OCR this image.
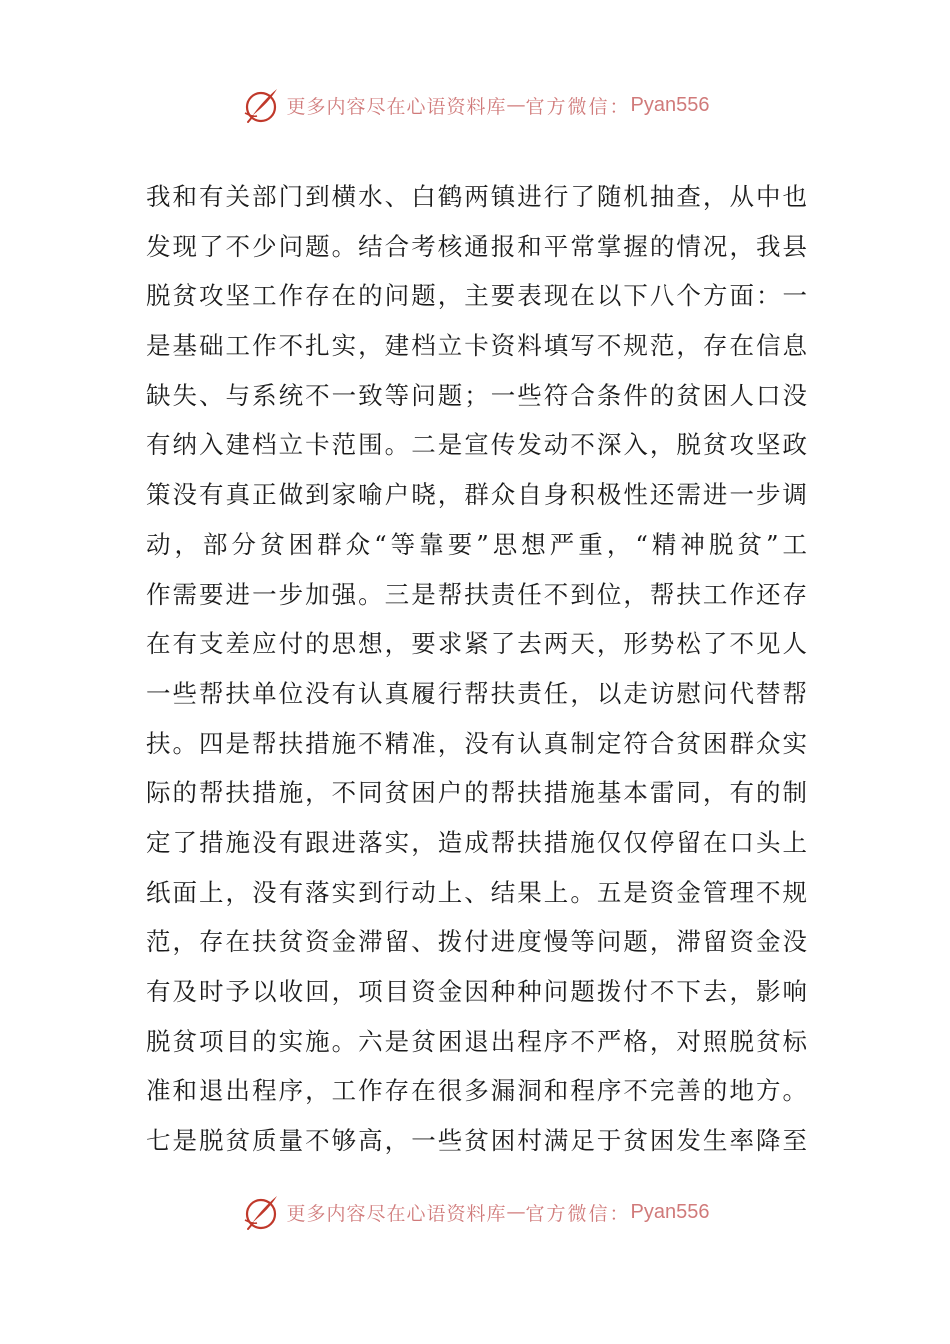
更多内容尽在心语资料库 — 官方微信： Pyan556
我和有关部门到横水、白鹤两镇进行了随机抽查，从中也
发现了不少问题。结合考核通报和平常掌握的情况，我县
脱贫攻坚工作存在的问题，主要表现在以下八个方面：一
是基础工作不扎实，建档立卡资料填写不规范，存在信息
缺失、与系统不一致等问题；一些符合条件的贫困人口没
有纳入建档立卡范围。二是宣传发动不深入，脱贫攻坚政
策没有真正做到家喻户晓，群众自身积极性还需进一步调
动，部分贫困群众“等靠要”思想严重，“精神脱贫”工
作需要进一步加强。三是帮扶责任不到位，帮扶工作还存
在有支差应付的思想，要求紧了去两天，形势松了不见人
一些帮扶单位没有认真履行帮扶责任，以走访慰问代替帮
扶。四是帮扶措施不精准，没有认真制定符合贫困群众实
际的帮扶措施，不同贫困户的帮扶措施基本雷同，有的制
定了措施没有跟进落实，造成帮扶措施仅仅停留在口头上
纸面上，没有落实到行动上、结果上。五是资金管理不规
范，存在扶贫资金滞留、拨付进度慢等问题，滞留资金没
有及时予以收回，项目资金因种种问题拨付不下去，影响
脱贫项目的实施。六是贫困退出程序不严格，对照脱贫标
准和退出程序，工作存在很多漏洞和程序不完善的地方。
七是脱贫质量不够高，一些贫困村满足于贫困发生率降至
更多内容尽在心语资料库 — 官方微信： Pyan556
